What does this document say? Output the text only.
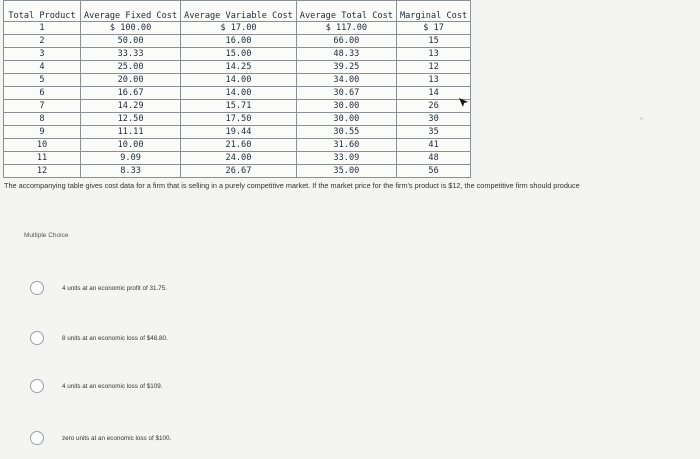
Total Product	Average Fixed Cost	Average Variable Cost	Average Total Cost	Marginal Cost
1	$ 100.00	$ 17.00	$ 117.00	$ 17
2	50.00	16.00	66.00	15
3	33.33	15.00	48.33	13
4	25.00	14.25	39.25	12
5	20.00	14.00	34.00	13
6	16.67	14.00	30.67	14
7	14.29	15.71	30.00	26
8	12.50	17.50	30.00	30
9	11.11	19.44	30.55	35
10	10.00	21.60	31.60	41
11	9.09	24.00	33.09	48
12	8.33	26.67	35.00	56
The accompanying table gives cost data for a firm that is selling in a purely competitive market. If the market price for the firm's product is $12, the competitive firm should produce
Multiple Choice
4 units at an economic profit of 31.75.
8 units at an economic loss of $48.80.
4 units at an economic loss of $109.
zero units at an economic loss of $100.
